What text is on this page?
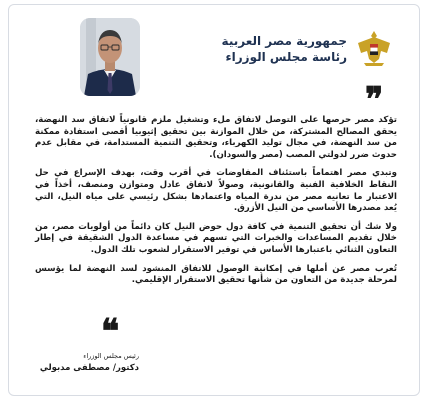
جمهورية مصر العربية
رئاسة مجلس الوزراء
❞

تؤكد مصر حرصها على التوصل لاتفاق ملء وتشغيل ملزم قانونياً لاتفاق سد النهضة، يحقق المصالح المشتركة، من خلال الموازنة بين تحقيق إثيوبيا أقصى استفادة ممكنة من سد النهضة، في مجال توليد الكهرباء، وتحقيق التنمية المستدامة، في مقابل عدم حدوث ضرر لدولتي المصب (مصر والسودان).

وتبدي مصر اهتماماً باستئناف المفاوضات في أقرب وقت، بهدف الإسراع في حل النقاط الخلافية الفنية والقانونية، وصولاً لاتفاق عادل ومتوازن ومنصف، أخذاً في الاعتبار ما تعانيه مصر من ندرة المياه واعتمادها بشكل رئيسي على مياه النيل، التي يُعد مصدرها الأساسي من النيل الأزرق.

ولا شك أن تحقيق التنمية في كافة دول حوض النيل كان دائماً من أولويات مصر، من خلال تقديم المساعدات والخبرات التي تسهم في مساعدة الدول الشقيقة في إطار التعاون الثنائي باعتبارها الأساس في توفير الاستقرار لشعوب تلك الدول.

تُعرب مصر عن أملها في إمكانية الوصول للاتفاق المنشود لسد النهضة لما يؤسس لمرحلة جديدة من التعاون من شأنها تحقيق الاستقرار الإقليمي.

❝
رئيس مجلس الوزراء
دكتور/ مصطفى مدبولي
